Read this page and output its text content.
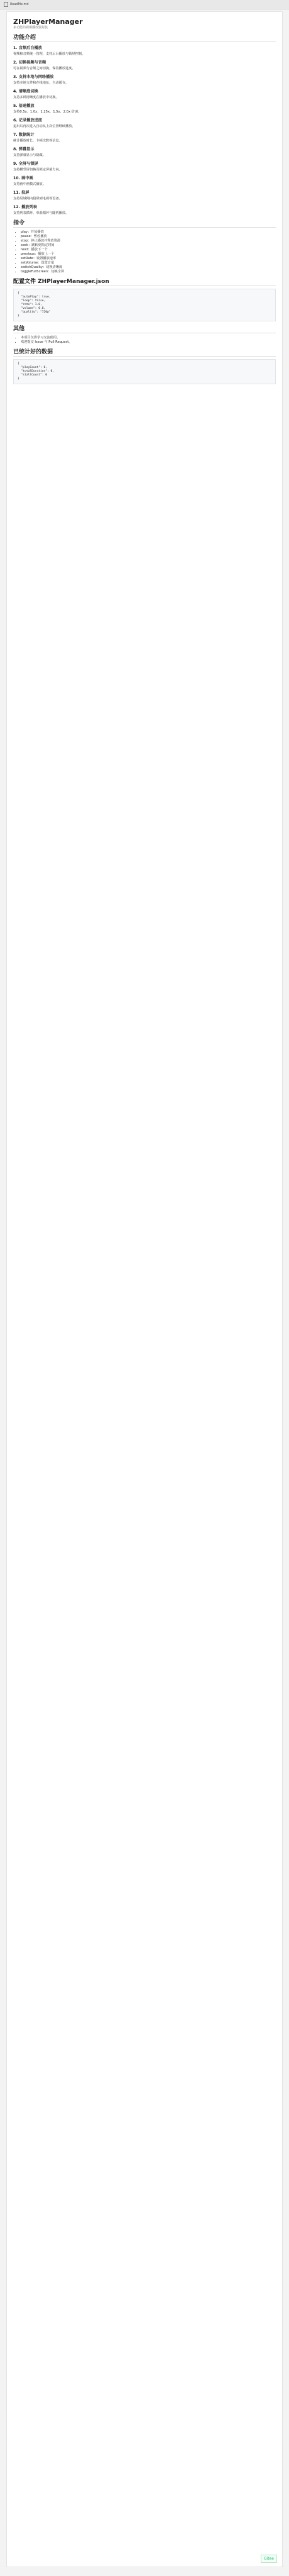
ReadMe.md
ZHPlayerManager
多功能的视频播放器封装
功能介绍
1. 音频后台播放

视频和音频统一管理，支持后台播放与锁屏控制。

2. 切换视频与音频

可在视频与音频之间切换，保持播放进度。

3. 支持本地与网络播放

支持本地文件和在线地址，自动缓存。

4. 清晰度切换

支持多种清晰度在播放中切换。

5. 倍速播放

支持0.5x、1.0x、1.25x、1.5x、2.0x 倍速。

6. 记录播放进度

退出后再次进入自动从上次位置继续播放。

7. 数据统计

统计播放时长、卡顿次数等信息。

8. 弹幕显示

支持弹幕显示与隐藏。

9. 全屏与锁屏

支持横竖屏切换及锁定屏幕方向。

10. 画中画

支持画中画模式播放。

11. 投屏

支持局域网内投屏到电视等设备。

12. 播放列表

支持列表循环、单曲循环与随机播放。

指令
• play：开始播放
• pause：暂停播放
• stop：停止播放并释放资源
• seek：跳转到指定时间
• next：播放下一个
• previous：播放上一个
• setRate：设置播放速率
• setVolume：设置音量
• switchQuality：切换清晰度
• toggleFullScreen：切换全屏
配置文件 ZHPlayerManager.json
{
"autoPlay": true,
"loop": false,
"rate": 1.0,
"volume": 0.8,
"quality": "720p"
}
其他
• 本项目仅供学习交流使用。
• 欢迎提交 Issue 与 Pull Request。
已统计好的数据
{
"playCount": 0,
"totalDuration": 0,
"stallCount": 0
}
Gitee
